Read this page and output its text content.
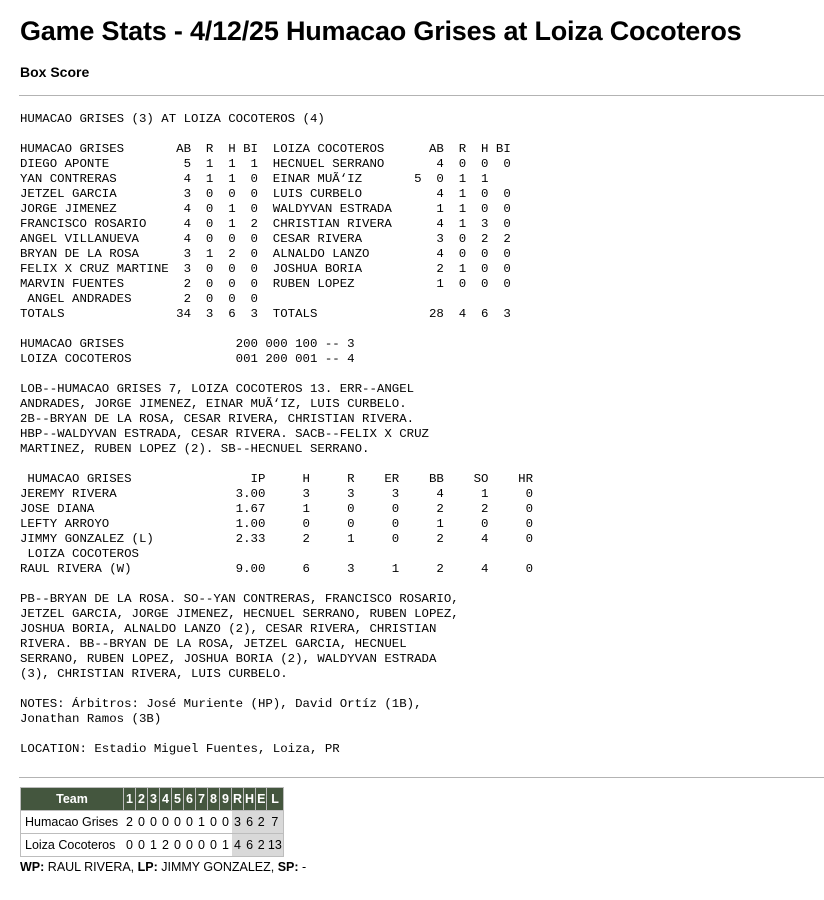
Game Stats - 4/12/25 Humacao Grises at Loiza Cocoteros
Box Score
HUMACAO GRISES (3) AT LOIZA COCOTEROS (4)

HUMACAO GRISES       AB  R  H BI  LOIZA COCOTEROS      AB  R  H BI
DIEGO APONTE          5  1  1  1  HECNUEL SERRANO       4  0  0  0
YAN CONTRERAS         4  1  1  0  EINAR MUÃ‘IZ       5  0  1  1
JETZEL GARCIA         3  0  0  0  LUIS CURBELO          4  1  0  0
JORGE JIMENEZ         4  0  1  0  WALDYVAN ESTRADA      1  1  0  0
FRANCISCO ROSARIO     4  0  1  2  CHRISTIAN RIVERA      4  1  3  0
ANGEL VILLANUEVA      4  0  0  0  CESAR RIVERA          3  0  2  2
BRYAN DE LA ROSA      3  1  2  0  ALNALDO LANZO         4  0  0  0
FELIX X CRUZ MARTINE  3  0  0  0  JOSHUA BORIA          2  1  0  0
MARVIN FUENTES        2  0  0  0  RUBEN LOPEZ           1  0  0  0
ANGEL ANDRADES       2  0  0  0
TOTALS               34  3  6  3  TOTALS               28  4  6  3

HUMACAO GRISES               200 000 100 -- 3
LOIZA COCOTEROS              001 200 001 -- 4

LOB--HUMACAO GRISES 7, LOIZA COCOTEROS 13. ERR--ANGEL
ANDRADES, JORGE JIMENEZ, EINAR MUÃ‘IZ, LUIS CURBELO.
2B--BRYAN DE LA ROSA, CESAR RIVERA, CHRISTIAN RIVERA.
HBP--WALDYVAN ESTRADA, CESAR RIVERA. SACB--FELIX X CRUZ
MARTINEZ, RUBEN LOPEZ (2). SB--HECNUEL SERRANO.

HUMACAO GRISES                IP     H     R    ER    BB    SO    HR
JEREMY RIVERA                3.00     3     3     3     4     1     0
JOSE DIANA                   1.67     1     0     0     2     2     0
LEFTY ARROYO                 1.00     0     0     0     1     0     0
JIMMY GONZALEZ (L)           2.33     2     1     0     2     4     0
LOIZA COCOTEROS
RAUL RIVERA (W)              9.00     6     3     1     2     4     0

PB--BRYAN DE LA ROSA. SO--YAN CONTRERAS, FRANCISCO ROSARIO,
JETZEL GARCIA, JORGE JIMENEZ, HECNUEL SERRANO, RUBEN LOPEZ,
JOSHUA BORIA, ALNALDO LANZO (2), CESAR RIVERA, CHRISTIAN
RIVERA. BB--BRYAN DE LA ROSA, JETZEL GARCIA, HECNUEL
SERRANO, RUBEN LOPEZ, JOSHUA BORIA (2), WALDYVAN ESTRADA
(3), CHRISTIAN RIVERA, LUIS CURBELO.

NOTES: Árbitros: José Muriente (HP), David Ortíz (1B),
Jonathan Ramos (3B)

LOCATION: Estadio Miguel Fuentes, Loiza, PR
Team	1	2	3	4	5	6	7	8	9	R	H	E	L
Humacao Grises	2	0	0	0	0	0	1	0	0	3	6	2	7
Loiza Cocoteros	0	0	1	2	0	0	0	0	1	4	6	2	13
WP: RAUL RIVERA, LP: JIMMY GONZALEZ, SP: -
